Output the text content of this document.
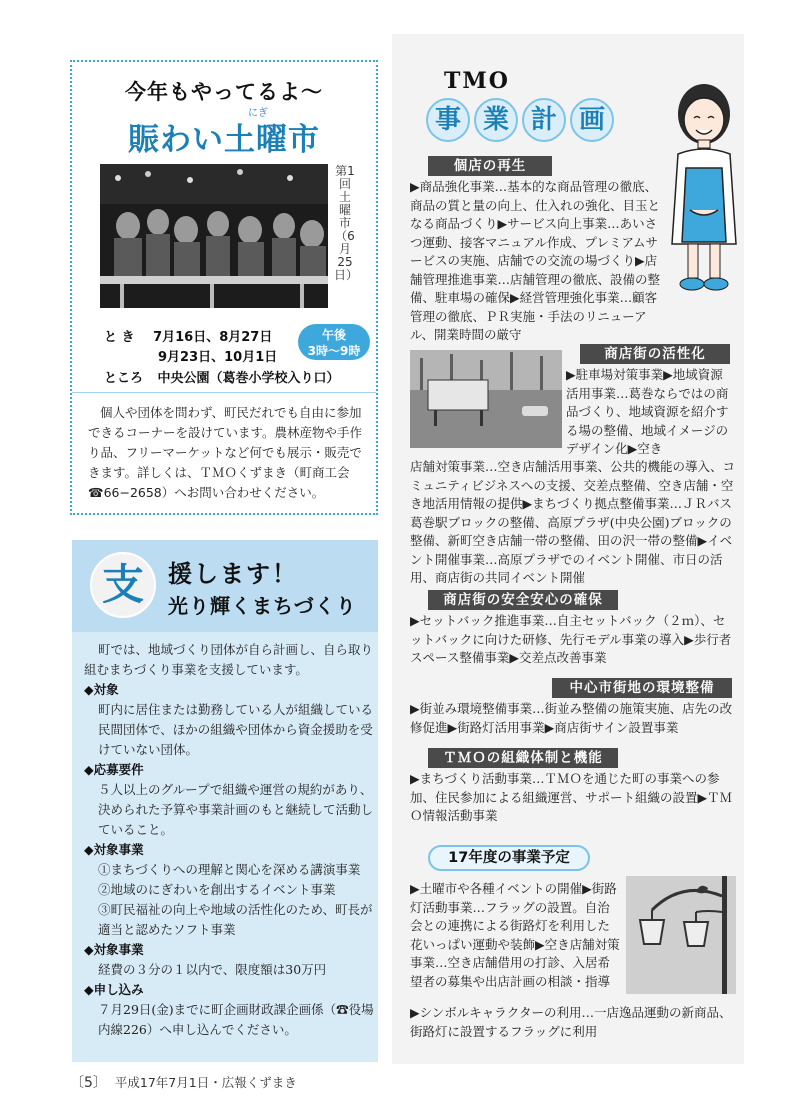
今年もやってるよ〜
にぎ
賑わい土曜市
第1回土曜市（6月25日）
と き 7月16日、8月27日
9月23日、10月1日
午後
3時〜9時
ところ 中央公園（葛巻小学校入り口）
個人や団体を問わず、町民だれでも自由に参加できるコーナーを設けています。農林産物や手作り品、フリーマーケットなど何でも展示・販売できます。詳しくは、ＴＭＯくずまき（町商工会☎66−2658）へお問い合わせください。
支	援します！
光り輝くまちづくり

町では、地域づくり団体が自ら計画し、自ら取り組むまちづくり事業を支援しています。

◆対象

町内に居住または勤務している人が組織している民間団体で、ほかの組織や団体から資金援助を受けていない団体。

◆応募要件

５人以上のグループで組織や運営の規約があり、決められた予算や事業計画のもと継続して活動していること。

◆対象事業

①まちづくりへの理解と関心を深める講演事業

②地域のにぎわいを創出するイベント事業

③町民福祉の向上や地域の活性化のため、町長が適当と認めたソフト事業

◆対象事業

経費の３分の１以内で、限度額は30万円

◆申し込み

７月29日(金)までに町企画財政課企画係（☎役場内線226）へ申し込んでください。

TMO
事 業 計 画
個店の再生
▶商品強化事業…基本的な商品管理の徹底、商品の質と量の向上、仕入れの強化、目玉となる商品づくり▶サービス向上事業…あいさつ運動、接客マニュアル作成、プレミアムサービスの実施、店舗での交流の場づくり▶店舗管理推進事業…店舗管理の徹底、設備の整備、駐車場の確保▶経営管理強化事業…顧客管理の徹底、ＰＲ実施・手法のリニューアル、開業時間の厳守
商店街の活性化
▶駐車場対策事業▶地域資源活用事業…葛巻ならではの商品づくり、地域資源を紹介する場の整備、地域イメージのデザイン化▶空き
店舗対策事業…空き店舗活用事業、公共的機能の導入、コミュニティビジネスへの支援、交差点整備、空き店舗・空き地活用情報の提供▶まちづくり拠点整備事業…ＪＲバス葛巻駅ブロックの整備、高原プラザ(中央公園)ブロックの整備、新町空き店舗一帯の整備、田の沢一帯の整備▶イベント開催事業…高原プラザでのイベント開催、市日の活用、商店街の共同イベント開催
商店街の安全安心の確保
▶セットバック推進事業…自主セットバック（２ｍ）、セットバックに向けた研修、先行モデル事業の導入▶歩行者スペース整備事業▶交差点改善事業
中心市街地の環境整備
▶街並み環境整備事業…街並み整備の施策実施、店先の改修促進▶街路灯活用事業▶商店街サイン設置事業
ＴＭＯの組織体制と機能
▶まちづくり活動事業…ＴＭＯを通じた町の事業への参加、住民参加による組織運営、サポート組織の設置▶ＴＭＯ情報活動事業
17年度の事業予定
▶土曜市や各種イベントの開催▶街路灯活動事業…フラッグの設置。自治会との連携による街路灯を利用した花いっぱい運動や装飾▶空き店舗対策事業…空き店舗借用の打診、入居希望者の募集や出店計画の相談・指導
▶シンボルキャラクターの利用…一店逸品運動の新商品、街路灯に設置するフラッグに利用
〔5〕 平成17年7月1日・広報くずまき
